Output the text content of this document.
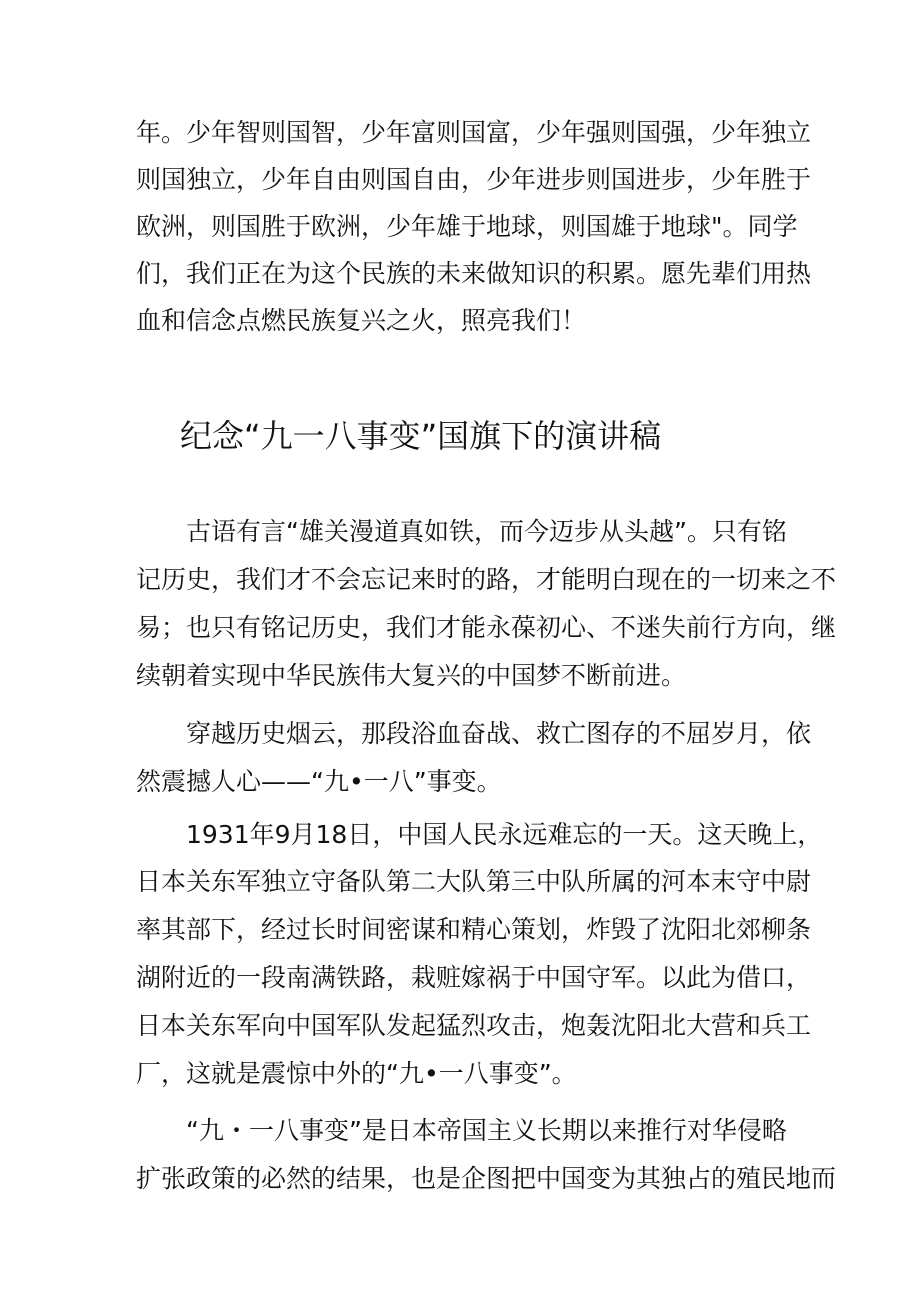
年。少年智则国智，少年富则国富，少年强则国强，少年独立
则国独立，少年自由则国自由，少年进步则国进步，少年胜于
欧洲，则国胜于欧洲，少年雄于地球，则国雄于地球"。同学
们，我们正在为这个民族的未来做知识的积累。愿先辈们用热
血和信念点燃民族复兴之火，照亮我们！
纪念“九一八事变”国旗下的演讲稿
古语有言“雄关漫道真如铁，而今迈步从头越”。只有铭
记历史，我们才不会忘记来时的路，才能明白现在的一切来之不
易；也只有铭记历史，我们才能永葆初心、不迷失前行方向，继
续朝着实现中华民族伟大复兴的中国梦不断前进。
穿越历史烟云，那段浴血奋战、救亡图存的不屈岁月，依
然震撼人心——“九•一八”事变。
1931年9月18日，中国人民永远难忘的一天。这天晚上，
日本关东军独立守备队第二大队第三中队所属的河本末守中尉
率其部下，经过长时间密谋和精心策划，炸毁了沈阳北郊柳条
湖附近的一段南满铁路，栽赃嫁祸于中国守军。以此为借口，
日本关东军向中国军队发起猛烈攻击，炮轰沈阳北大营和兵工
厂，这就是震惊中外的“九•一八事变”。
“九・一八事变”是日本帝国主义长期以来推行对华侵略
扩张政策的必然的结果，也是企图把中国变为其独占的殖民地而
